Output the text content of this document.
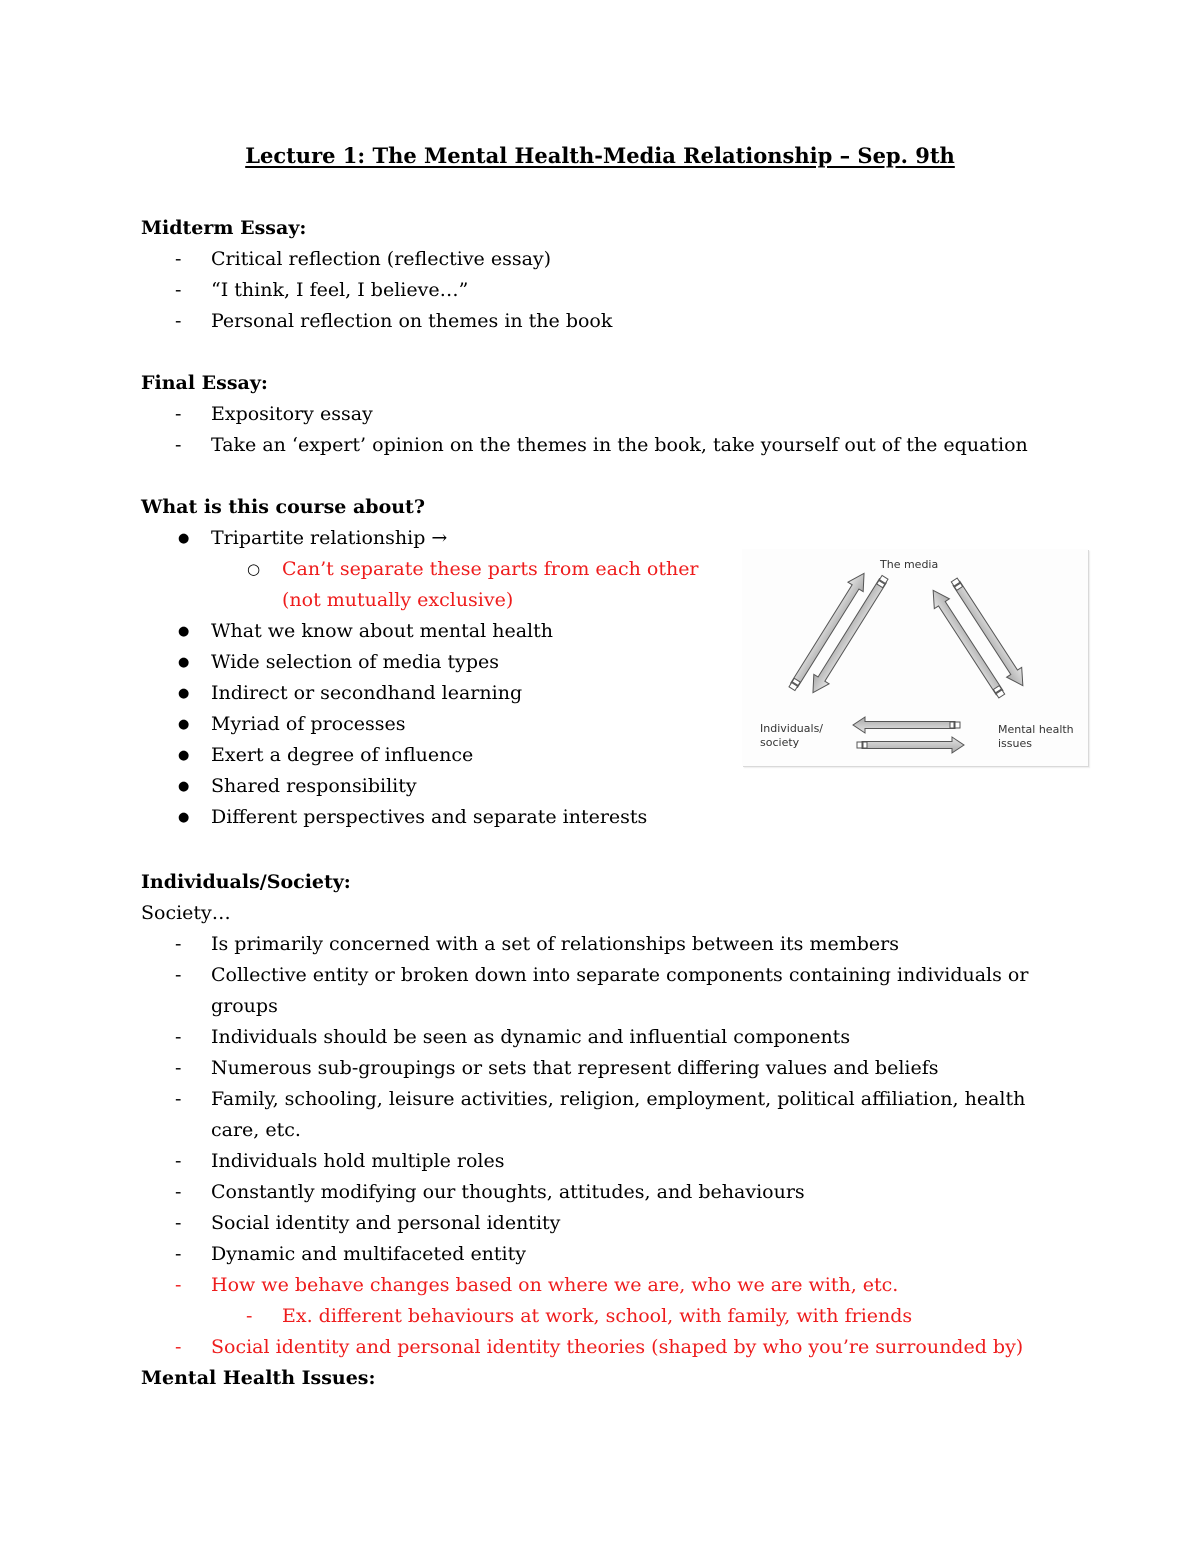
Lecture 1: The Mental Health-Media Relationship – Sep. 9th
Midterm Essay:
- Critical reflection (reflective essay)
- “I think, I feel, I believe…”
- Personal reflection on themes in the book
Final Essay:
- Expository essay
- Take an ‘expert’ opinion on the themes in the book, take yourself out of the equation
What is this course about?
● Tripartite relationship →
○ Can’t separate these parts from each other (not mutually exclusive)
● What we know about mental health
● Wide selection of media types
● Indirect or secondhand learning
● Myriad of processes
● Exert a degree of influence
● Shared responsibility
● Different perspectives and separate interests
The media
Individuals/
society
Mental health
issues
Individuals/Society:
Society…
- Is primarily concerned with a set of relationships between its members
- Collective entity or broken down into separate components containing individuals or groups
- Individuals should be seen as dynamic and influential components
- Numerous sub-groupings or sets that represent differing values and beliefs
- Family, schooling, leisure activities, religion, employment, political affiliation, health care, etc.
- Individuals hold multiple roles
- Constantly modifying our thoughts, attitudes, and behaviours
- Social identity and personal identity
- Dynamic and multifaceted entity
- How we behave changes based on where we are, who we are with, etc.
- Ex. different behaviours at work, school, with family, with friends
- Social identity and personal identity theories (shaped by who you’re surrounded by)
Mental Health Issues:
